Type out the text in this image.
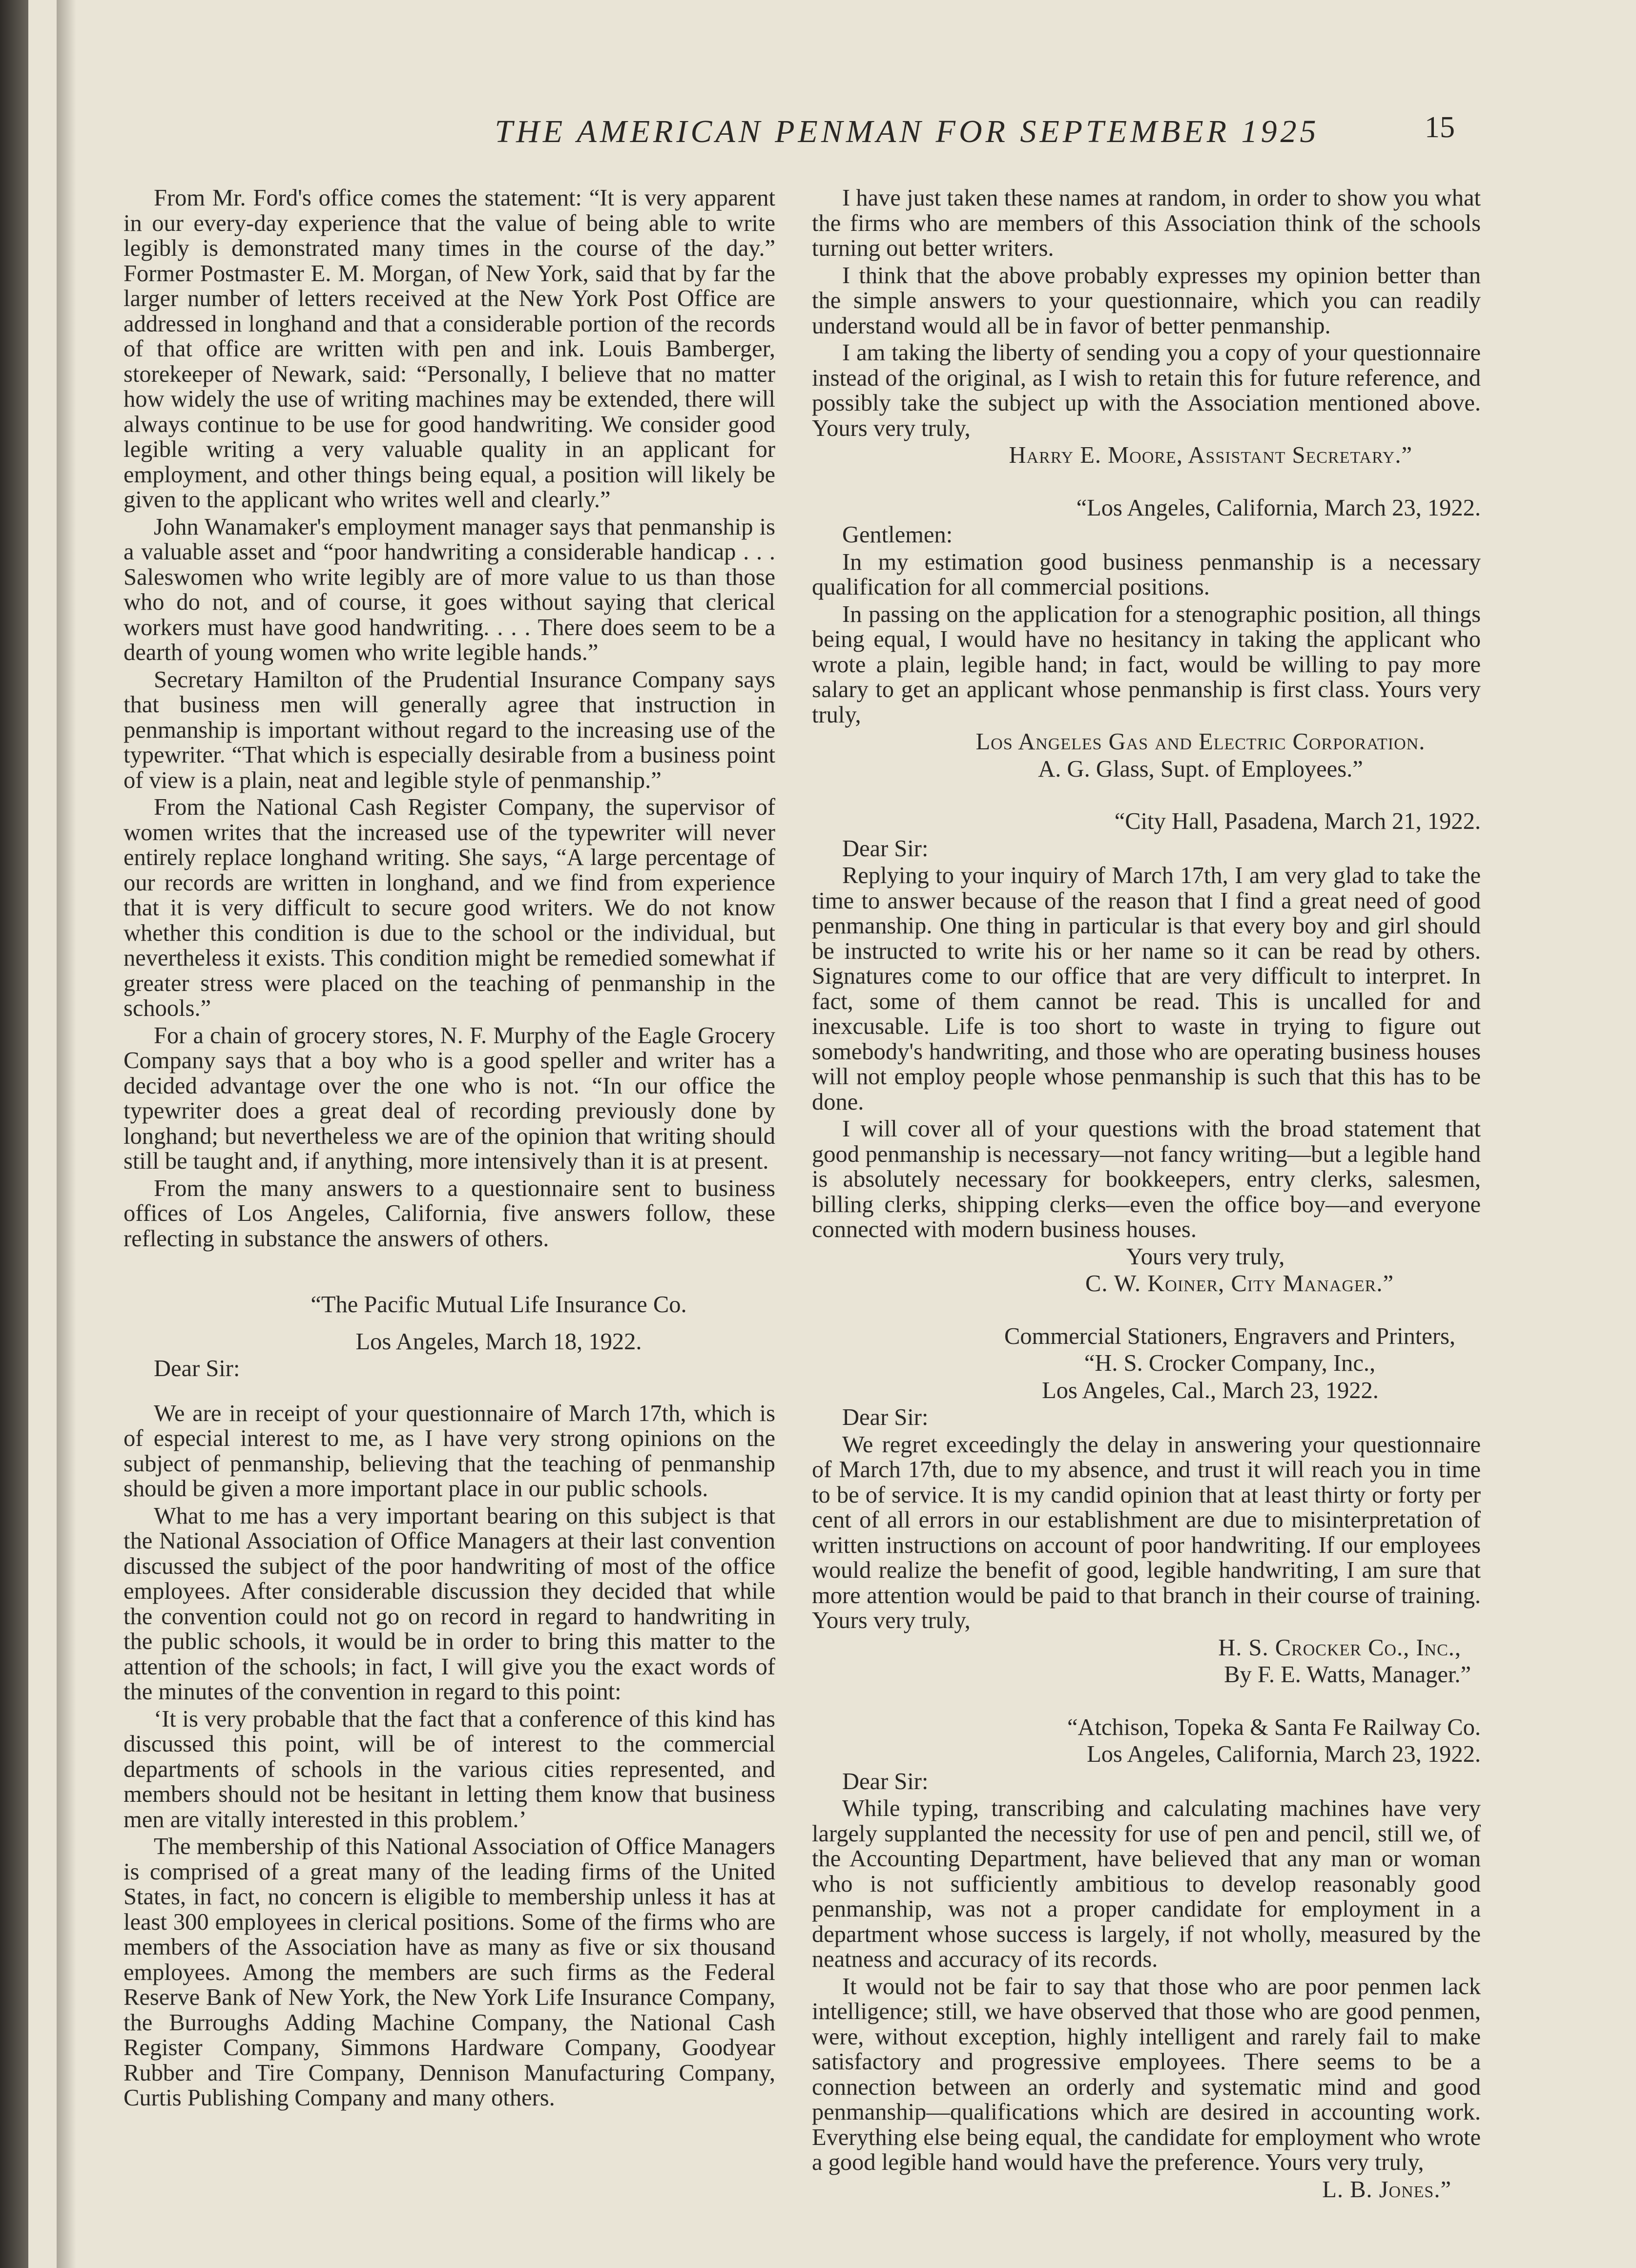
THE AMERICAN PENMAN FOR SEPTEMBER 1925	15

From Mr. Ford's office comes the statement: “It is very apparent in our every-day experience that the value of being able to write legibly is demonstrated many times in the course of the day.” Former Postmaster E. M. Morgan, of New York, said that by far the larger number of letters received at the New York Post Office are addressed in longhand and that a considerable portion of the records of that office are written with pen and ink. Louis Bamberger, storekeeper of Newark, said: “Personally, I believe that no matter how widely the use of writing machines may be extended, there will always continue to be use for good handwriting. We consider good legible writing a very valuable quality in an applicant for employment, and other things being equal, a position will likely be given to the applicant who writes well and clearly.”

John Wanamaker's employment manager says that penmanship is a valuable asset and “poor handwriting a considerable handicap . . . Saleswomen who write legibly are of more value to us than those who do not, and of course, it goes without saying that clerical workers must have good handwriting. . . . There does seem to be a dearth of young women who write legible hands.”

Secretary Hamilton of the Prudential Insurance Company says that business men will generally agree that instruction in penmanship is important without regard to the increasing use of the typewriter. “That which is especially desirable from a business point of view is a plain, neat and legible style of penmanship.”

From the National Cash Register Company, the supervisor of women writes that the increased use of the typewriter will never entirely replace longhand writing. She says, “A large percentage of our records are written in longhand, and we find from experience that it is very difficult to secure good writers. We do not know whether this condition is due to the school or the individual, but nevertheless it exists. This condition might be remedied somewhat if greater stress were placed on the teaching of penmanship in the schools.”

For a chain of grocery stores, N. F. Murphy of the Eagle Grocery Company says that a boy who is a good speller and writer has a decided advantage over the one who is not. “In our office the typewriter does a great deal of recording previously done by longhand; but nevertheless we are of the opinion that writing should still be taught and, if anything, more intensively than it is at present.

From the many answers to a questionnaire sent to business offices of Los Angeles, California, five answers follow, these reflecting in substance the answers of others.

“The Pacific Mutual Life Insurance Co.

Los Angeles, March 18, 1922.

Dear Sir:

We are in receipt of your questionnaire of March 17th, which is of especial interest to me, as I have very strong opinions on the subject of penmanship, believing that the teaching of penmanship should be given a more important place in our public schools.

What to me has a very important bearing on this subject is that the National Association of Office Managers at their last convention discussed the subject of the poor handwriting of most of the office employees. After considerable discussion they decided that while the convention could not go on record in regard to handwriting in the public schools, it would be in order to bring this matter to the attention of the schools; in fact, I will give you the exact words of the minutes of the convention in regard to this point:

‘It is very probable that the fact that a conference of this kind has discussed this point, will be of interest to the commercial departments of schools in the various cities represented, and members should not be hesitant in letting them know that business men are vitally interested in this problem.’

The membership of this National Association of Office Managers is comprised of a great many of the leading firms of the United States, in fact, no concern is eligible to membership unless it has at least 300 employees in clerical positions. Some of the firms who are members of the Association have as many as five or six thousand employees. Among the members are such firms as the Federal Reserve Bank of New York, the New York Life Insurance Company, the Burroughs Adding Machine Company, the National Cash Register Company, Simmons Hardware Company, Goodyear Rubber and Tire Company, Dennison Manufacturing Company, Curtis Publishing Company and many others.

I have just taken these names at random, in order to show you what the firms who are members of this Association think of the schools turning out better writers.

I think that the above probably expresses my opinion better than the simple answers to your questionnaire, which you can readily understand would all be in favor of better penmanship.

I am taking the liberty of sending you a copy of your questionnaire instead of the original, as I wish to retain this for future reference, and possibly take the subject up with the Association mentioned above. Yours very truly,

Harry E. Moore, Assistant Secretary.”

“Los Angeles, California, March 23, 1922.

Gentlemen:

In my estimation good business penmanship is a necessary qualification for all commercial positions.

In passing on the application for a stenographic position, all things being equal, I would have no hesitancy in taking the applicant who wrote a plain, legible hand; in fact, would be willing to pay more salary to get an applicant whose penmanship is first class. Yours very truly,

Los Angeles Gas and Electric Corporation.

A. G. Glass, Supt. of Employees.”

“City Hall, Pasadena, March 21, 1922.

Dear Sir:

Replying to your inquiry of March 17th, I am very glad to take the time to answer because of the reason that I find a great need of good penmanship. One thing in particular is that every boy and girl should be instructed to write his or her name so it can be read by others. Signatures come to our office that are very difficult to interpret. In fact, some of them cannot be read. This is uncalled for and inexcusable. Life is too short to waste in trying to figure out somebody's handwriting, and those who are operating business houses will not employ people whose penmanship is such that this has to be done.

I will cover all of your questions with the broad statement that good penmanship is necessary—not fancy writing—but a legible hand is absolutely necessary for bookkeepers, entry clerks, salesmen, billing clerks, shipping clerks—even the office boy—and everyone connected with modern business houses.

Yours very truly,

C. W. Koiner, City Manager.”

Commercial Stationers, Engravers and Printers,

“H. S. Crocker Company, Inc.,

Los Angeles, Cal., March 23, 1922.

Dear Sir:

We regret exceedingly the delay in answering your questionnaire of March 17th, due to my absence, and trust it will reach you in time to be of service. It is my candid opinion that at least thirty or forty per cent of all errors in our establishment are due to misinterpretation of written instructions on account of poor handwriting. If our employees would realize the benefit of good, legible handwriting, I am sure that more attention would be paid to that branch in their course of training. Yours very truly,

H. S. Crocker Co., Inc.,

By F. E. Watts, Manager.”

“Atchison, Topeka & Santa Fe Railway Co.

Los Angeles, California, March 23, 1922.

Dear Sir:

While typing, transcribing and calculating machines have very largely supplanted the necessity for use of pen and pencil, still we, of the Accounting Department, have believed that any man or woman who is not sufficiently ambitious to develop reasonably good penmanship, was not a proper candidate for employment in a department whose success is largely, if not wholly, measured by the neatness and accuracy of its records.

It would not be fair to say that those who are poor penmen lack intelligence; still, we have observed that those who are good penmen, were, without exception, highly intelligent and rarely fail to make satisfactory and progressive employees. There seems to be a connection between an orderly and systematic mind and good penmanship—qualifications which are desired in accounting work. Everything else being equal, the candidate for employment who wrote a good legible hand would have the preference. Yours very truly,

L. B. Jones.”
